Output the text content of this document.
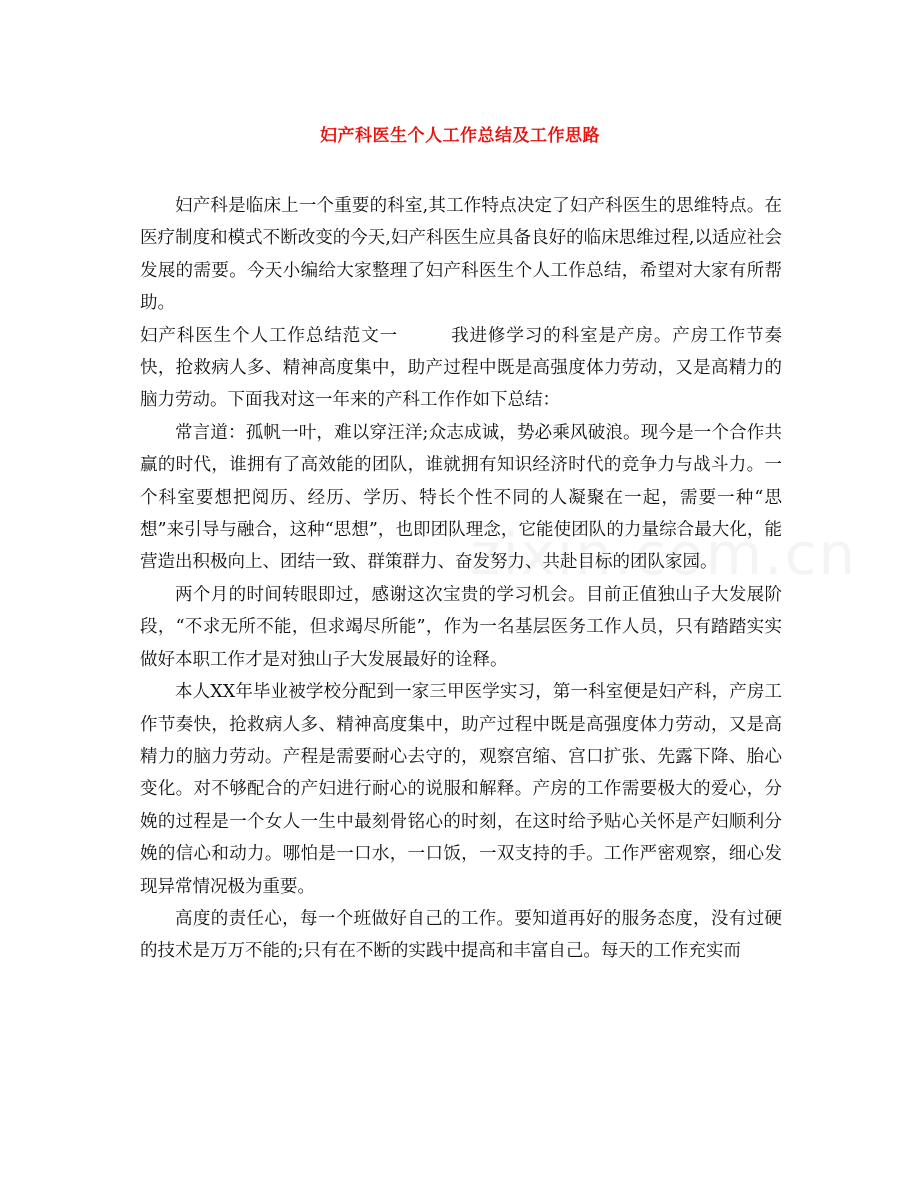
妇产科医生个人工作总结及工作思路

妇产科是临床上一个重要的科室,其工作特点决定了妇产科医生的思维特点。在医疗制度和模式不断改变的今天,妇产科医生应具备良好的临床思维过程,以适应社会发展的需要。今天小编给大家整理了妇产科医生个人工作总结，希望对大家有所帮助。

妇产科医生个人工作总结范文一	我进修学习的科室是产房。产房工作节奏快，抢救病人多、精神高度集中，助产过程中既是高强度体力劳动，又是高精力的脑力劳动。下面我对这一年来的产科工作作如下总结：

常言道：孤帆一叶，难以穿汪洋;众志成诚，势必乘风破浪。现今是一个合作共赢的时代，谁拥有了高效能的团队，谁就拥有知识经济时代的竞争力与战斗力。一个科室要想把阅历、经历、学历、特长个性不同的人凝聚在一起，需要一种“思想”来引导与融合，这种“思想”，也即团队理念，它能使团队的力量综合最大化，能营造出积极向上、团结一致、群策群力、奋发努力、共赴目标的团队家园。

两个月的时间转眼即过，感谢这次宝贵的学习机会。目前正值独山子大发展阶段，“不求无所不能，但求竭尽所能”，作为一名基层医务工作人员，只有踏踏实实做好本职工作才是对独山子大发展最好的诠释。

本人XX年毕业被学校分配到一家三甲医学实习，第一科室便是妇产科，产房工作节奏快，抢救病人多、精神高度集中，助产过程中既是高强度体力劳动，又是高精力的脑力劳动。产程是需要耐心去守的，观察宫缩、宫口扩张、先露下降、胎心变化。对不够配合的产妇进行耐心的说服和解释。产房的工作需要极大的爱心，分娩的过程是一个女人一生中最刻骨铭心的时刻，在这时给予贴心关怀是产妇顺利分娩的信心和动力。哪怕是一口水，一口饭，一双支持的手。工作严密观察，细心发现异常情况极为重要。

高度的责任心，每一个班做好自己的工作。要知道再好的服务态度，没有过硬的技术是万万不能的;只有在不断的实践中提高和丰富自己。每天的工作充实而
